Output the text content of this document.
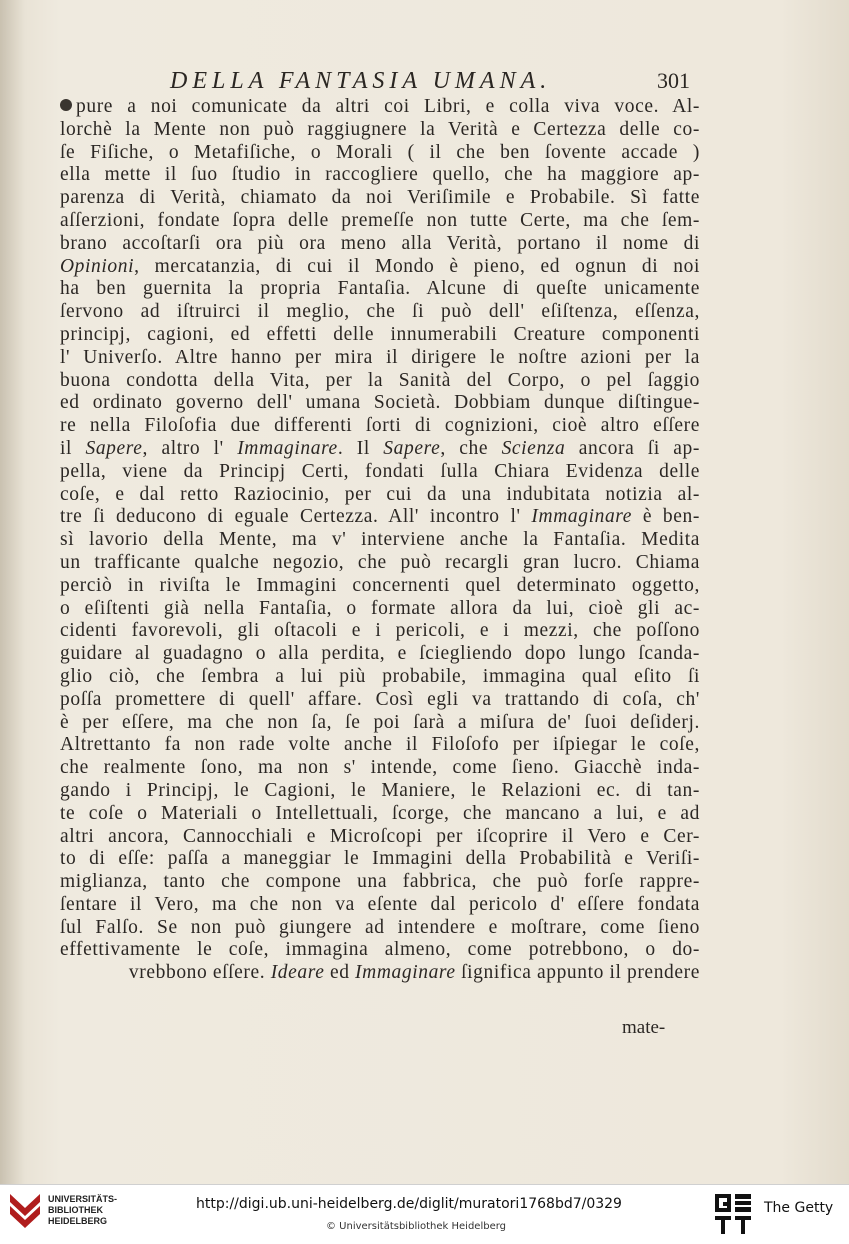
DELLA FANTASIA UMANA.	301
pure a noi comunicate da altri coi Libri, e colla viva voce. Al-
lorchè la Mente non può raggiugnere la Verità e Certezza delle co-
ſe Fiſiche, o Metafiſiche, o Morali ( il che ben ſovente accade )
ella mette il ſuo ſtudio in raccogliere quello, che ha maggiore ap-
parenza di Verità, chiamato da noi Veriſimile e Probabile. Sì fatte
aſſerzioni, fondate ſopra delle premeſſe non tutte Certe, ma che ſem-
brano accoſtarſi ora più ora meno alla Verità, portano il nome di
Opinioni, mercatanzia, di cui il Mondo è pieno, ed ognun di noi
ha ben guernita la propria Fantaſia. Alcune di queſte unicamente
ſervono ad iſtruirci il meglio, che ſi può dell' eſiſtenza, eſſenza,
principj, cagioni, ed effetti delle innumerabili Creature componenti
l' Univerſo. Altre hanno per mira il dirigere le noſtre azioni per la
buona condotta della Vita, per la Sanità del Corpo, o pel ſaggio
ed ordinato governo dell' umana Società. Dobbiam dunque diſtingue-
re nella Filoſofia due differenti ſorti di cognizioni, cioè altro eſſere
il Sapere, altro l' Immaginare. Il Sapere, che Scienza ancora ſi ap-
pella, viene da Principj Certi, fondati ſulla Chiara Evidenza delle
coſe, e dal retto Raziocinio, per cui da una indubitata notizia al-
tre ſi deducono di eguale Certezza. All' incontro l' Immaginare è ben-
sì lavorio della Mente, ma v' interviene anche la Fantaſia. Medita
un trafficante qualche negozio, che può recargli gran lucro. Chiama
perciò in riviſta le Immagini concernenti quel determinato oggetto,
o eſiſtenti già nella Fantaſia, o formate allora da lui, cioè gli ac-
cidenti favorevoli, gli oſtacoli e i pericoli, e i mezzi, che poſſono
guidare al guadagno o alla perdita, e ſciegliendo dopo lungo ſcanda-
glio ciò, che ſembra a lui più probabile, immagina qual eſito ſi
poſſa promettere di quell' affare. Così egli va trattando di coſa, ch'
è per eſſere, ma che non ſa, ſe poi ſarà a miſura de' ſuoi deſiderj.
Altrettanto fa non rade volte anche il Filoſofo per iſpiegar le coſe,
che realmente ſono, ma non s' intende, come ſieno. Giacchè inda-
gando i Principj, le Cagioni, le Maniere, le Relazioni ec. di tan-
te coſe o Materiali o Intellettuali, ſcorge, che mancano a lui, e ad
altri ancora, Cannocchiali e Microſcopi per iſcoprire il Vero e Cer-
to di eſſe: paſſa a maneggiar le Immagini della Probabilità e Veriſi-
miglianza, tanto che compone una fabbrica, che può forſe rappre-
ſentare il Vero, ma che non va eſente dal pericolo d' eſſere fondata
ſul Falſo. Se non può giungere ad intendere e moſtrare, come ſieno
effettivamente le coſe, immagina almeno, come potrebbono, o do-
vrebbono eſſere. Ideare ed Immaginare ſignifica appunto il prendere
mate-
UNIVERSITÄTS-
BIBLIOTHEK
HEIDELBERG
http://digi.ub.uni-heidelberg.de/diglit/muratori1768bd7/0329
© Universitätsbibliothek Heidelberg
The Getty
